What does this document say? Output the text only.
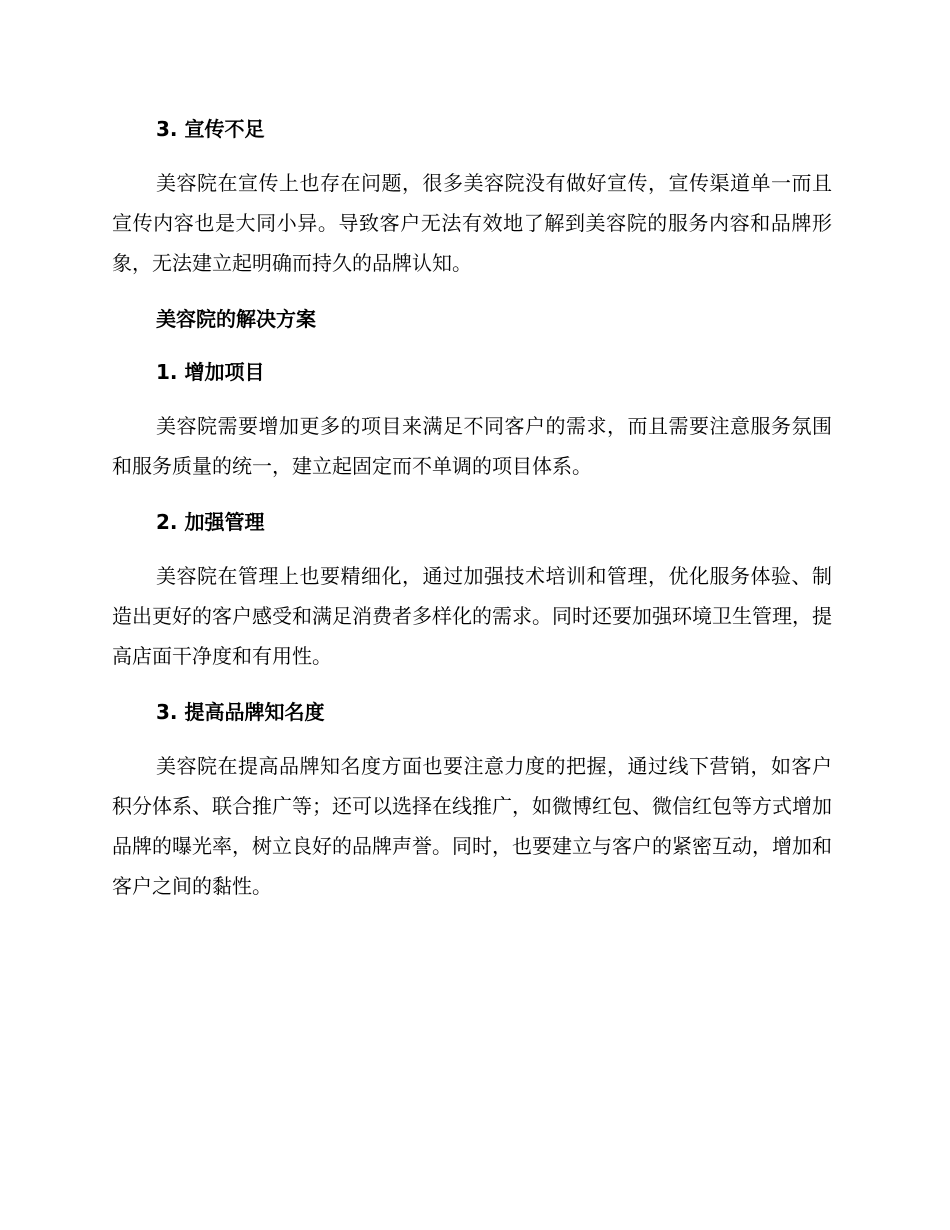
3. 宣传不足

美容院在宣传上也存在问题，很多美容院没有做好宣传，宣传渠道单一而且宣传内容也是大同小异。导致客户无法有效地了解到美容院的服务内容和品牌形象，无法建立起明确而持久的品牌认知。

美容院的解决方案
1. 增加项目

美容院需要增加更多的项目来满足不同客户的需求，而且需要注意服务氛围和服务质量的统一，建立起固定而不单调的项目体系。

2. 加强管理

美容院在管理上也要精细化，通过加强技术培训和管理，优化服务体验、制造出更好的客户感受和满足消费者多样化的需求。同时还要加强环境卫生管理，提高店面干净度和有用性。

3. 提高品牌知名度

美容院在提高品牌知名度方面也要注意力度的把握，通过线下营销，如客户积分体系、联合推广等；还可以选择在线推广，如微博红包、微信红包等方式增加品牌的曝光率，树立良好的品牌声誉。同时，也要建立与客户的紧密互动，增加和客户之间的黏性。
